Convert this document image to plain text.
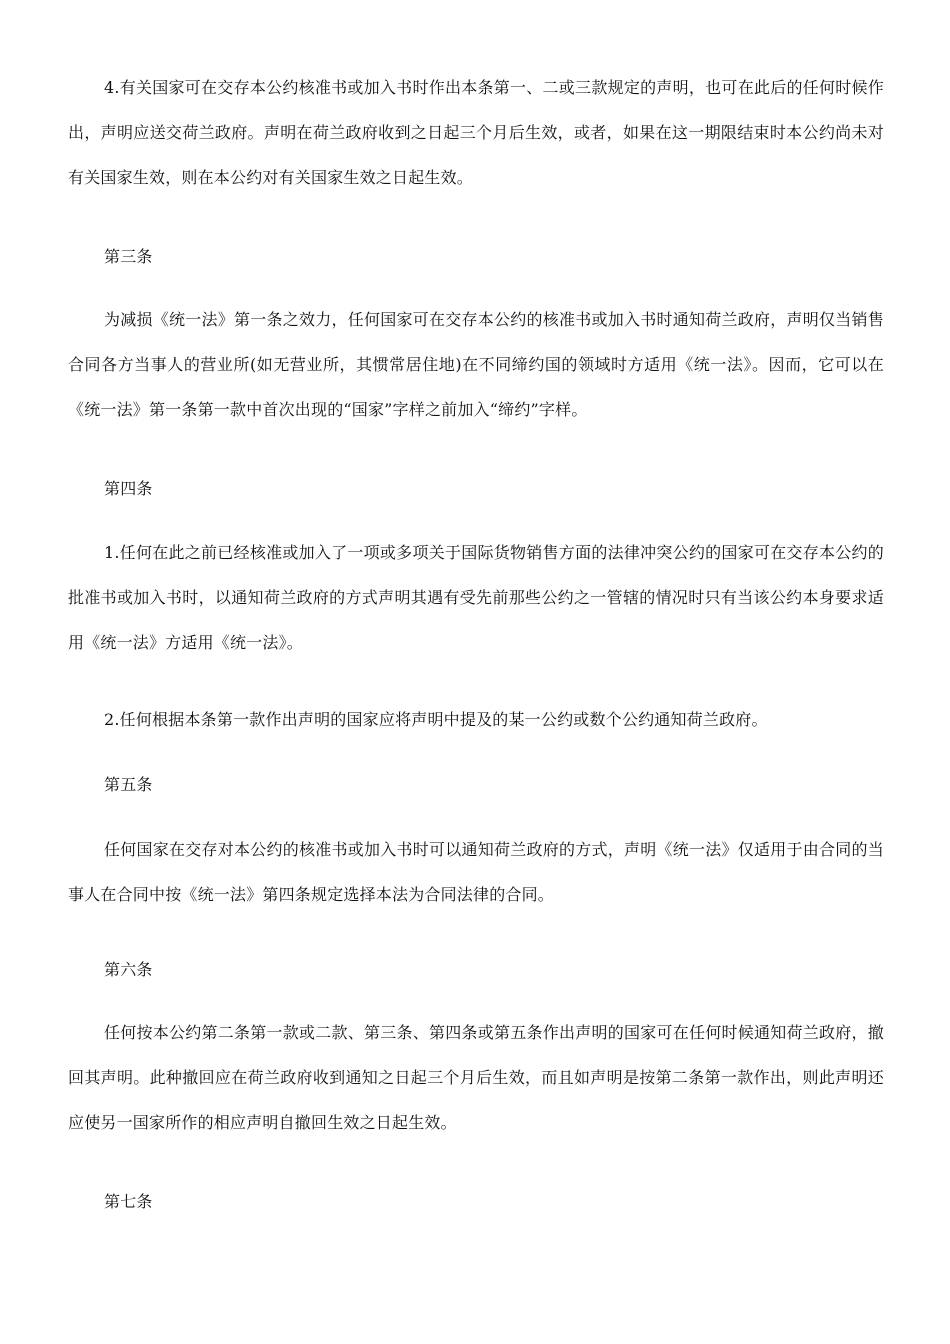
4.有关国家可在交存本公约核准书或加入书时作出本条第一、二或三款规定的声明，也可在此后的任何时候作出，声明应送交荷兰政府。声明在荷兰政府收到之日起三个月后生效，或者，如果在这一期限结束时本公约尚未对有关国家生效，则在本公约对有关国家生效之日起生效。

第三条

为减损《统一法》第一条之效力，任何国家可在交存本公约的核准书或加入书时通知荷兰政府，声明仅当销售合同各方当事人的营业所(如无营业所，其惯常居住地)在不同缔约国的领域时方适用《统一法》。因而，它可以在《统一法》第一条第一款中首次出现的“国家”字样之前加入“缔约”字样。

第四条

1.任何在此之前已经核准或加入了一项或多项关于国际货物销售方面的法律冲突公约的国家可在交存本公约的批准书或加入书时，以通知荷兰政府的方式声明其遇有受先前那些公约之一管辖的情况时只有当该公约本身要求适用《统一法》方适用《统一法》。

2.任何根据本条第一款作出声明的国家应将声明中提及的某一公约或数个公约通知荷兰政府。

第五条

任何国家在交存对本公约的核准书或加入书时可以通知荷兰政府的方式，声明《统一法》仅适用于由合同的当事人在合同中按《统一法》第四条规定选择本法为合同法律的合同。

第六条

任何按本公约第二条第一款或二款、第三条、第四条或第五条作出声明的国家可在任何时候通知荷兰政府，撤回其声明。此种撤回应在荷兰政府收到通知之日起三个月后生效，而且如声明是按第二条第一款作出，则此声明还应使另一国家所作的相应声明自撤回生效之日起生效。

第七条
